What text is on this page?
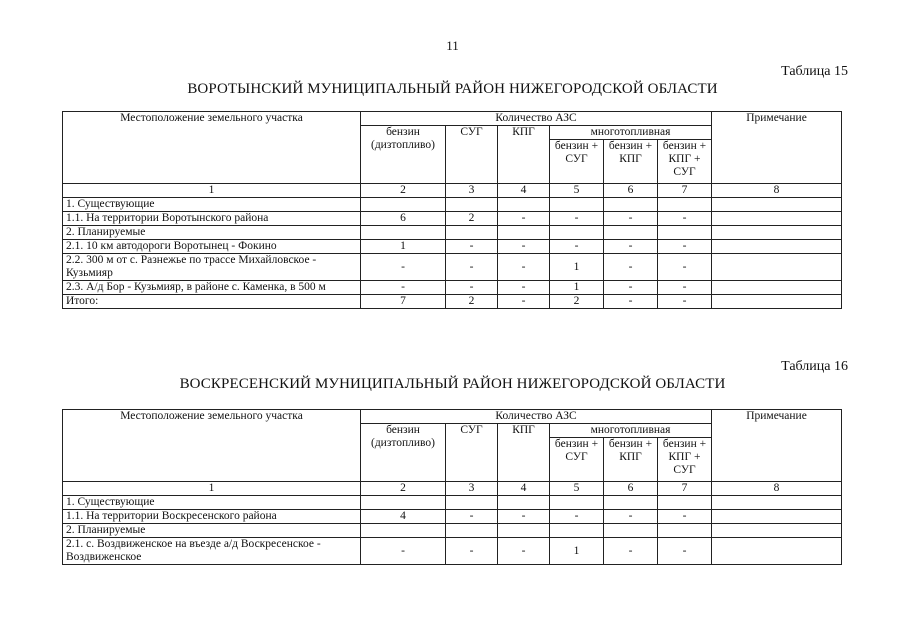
11
Таблица 15
ВОРОТЫНСКИЙ МУНИЦИПАЛЬНЫЙ РАЙОН НИЖЕГОРОДСКОЙ ОБЛАСТИ
Местоположение земельного участка	Количество АЗС						Примечание
	бензин (дизтопливо)	СУГ	КПГ	многотопливная			
				бензин + СУГ	бензин + КПГ	бензин + КПГ + СУГ	
1	2	3	4	5	6	7	8
1. Существующие							
1.1. На территории Воротынского района	6	2	-	-	-	-	
2. Планируемые							
2.1. 10 км автодороги Воротынец - Фокино	1	-	-	-	-	-	
2.2. 300 м от с. Разнежье по трассе Михайловское - Кузьмияр	-	-	-	1	-	-	
2.3. А/д Бор - Кузьмияр, в районе с. Каменка, в 500 м	-	-	-	1	-	-	
Итого:	7	2	-	2	-	-	
Таблица 16
ВОСКРЕСЕНСКИЙ МУНИЦИПАЛЬНЫЙ РАЙОН НИЖЕГОРОДСКОЙ ОБЛАСТИ
Местоположение земельного участка	Количество АЗС						Примечание
	бензин (дизтопливо)	СУГ	КПГ	многотопливная			
				бензин + СУГ	бензин + КПГ	бензин + КПГ + СУГ	
1	2	3	4	5	6	7	8
1. Существующие							
1.1. На территории Воскресенского района	4	-	-	-	-	-	
2. Планируемые							
2.1. с. Воздвиженское на въезде а/д Воскресенское - Воздвиженское	-	-	-	1	-	-	
